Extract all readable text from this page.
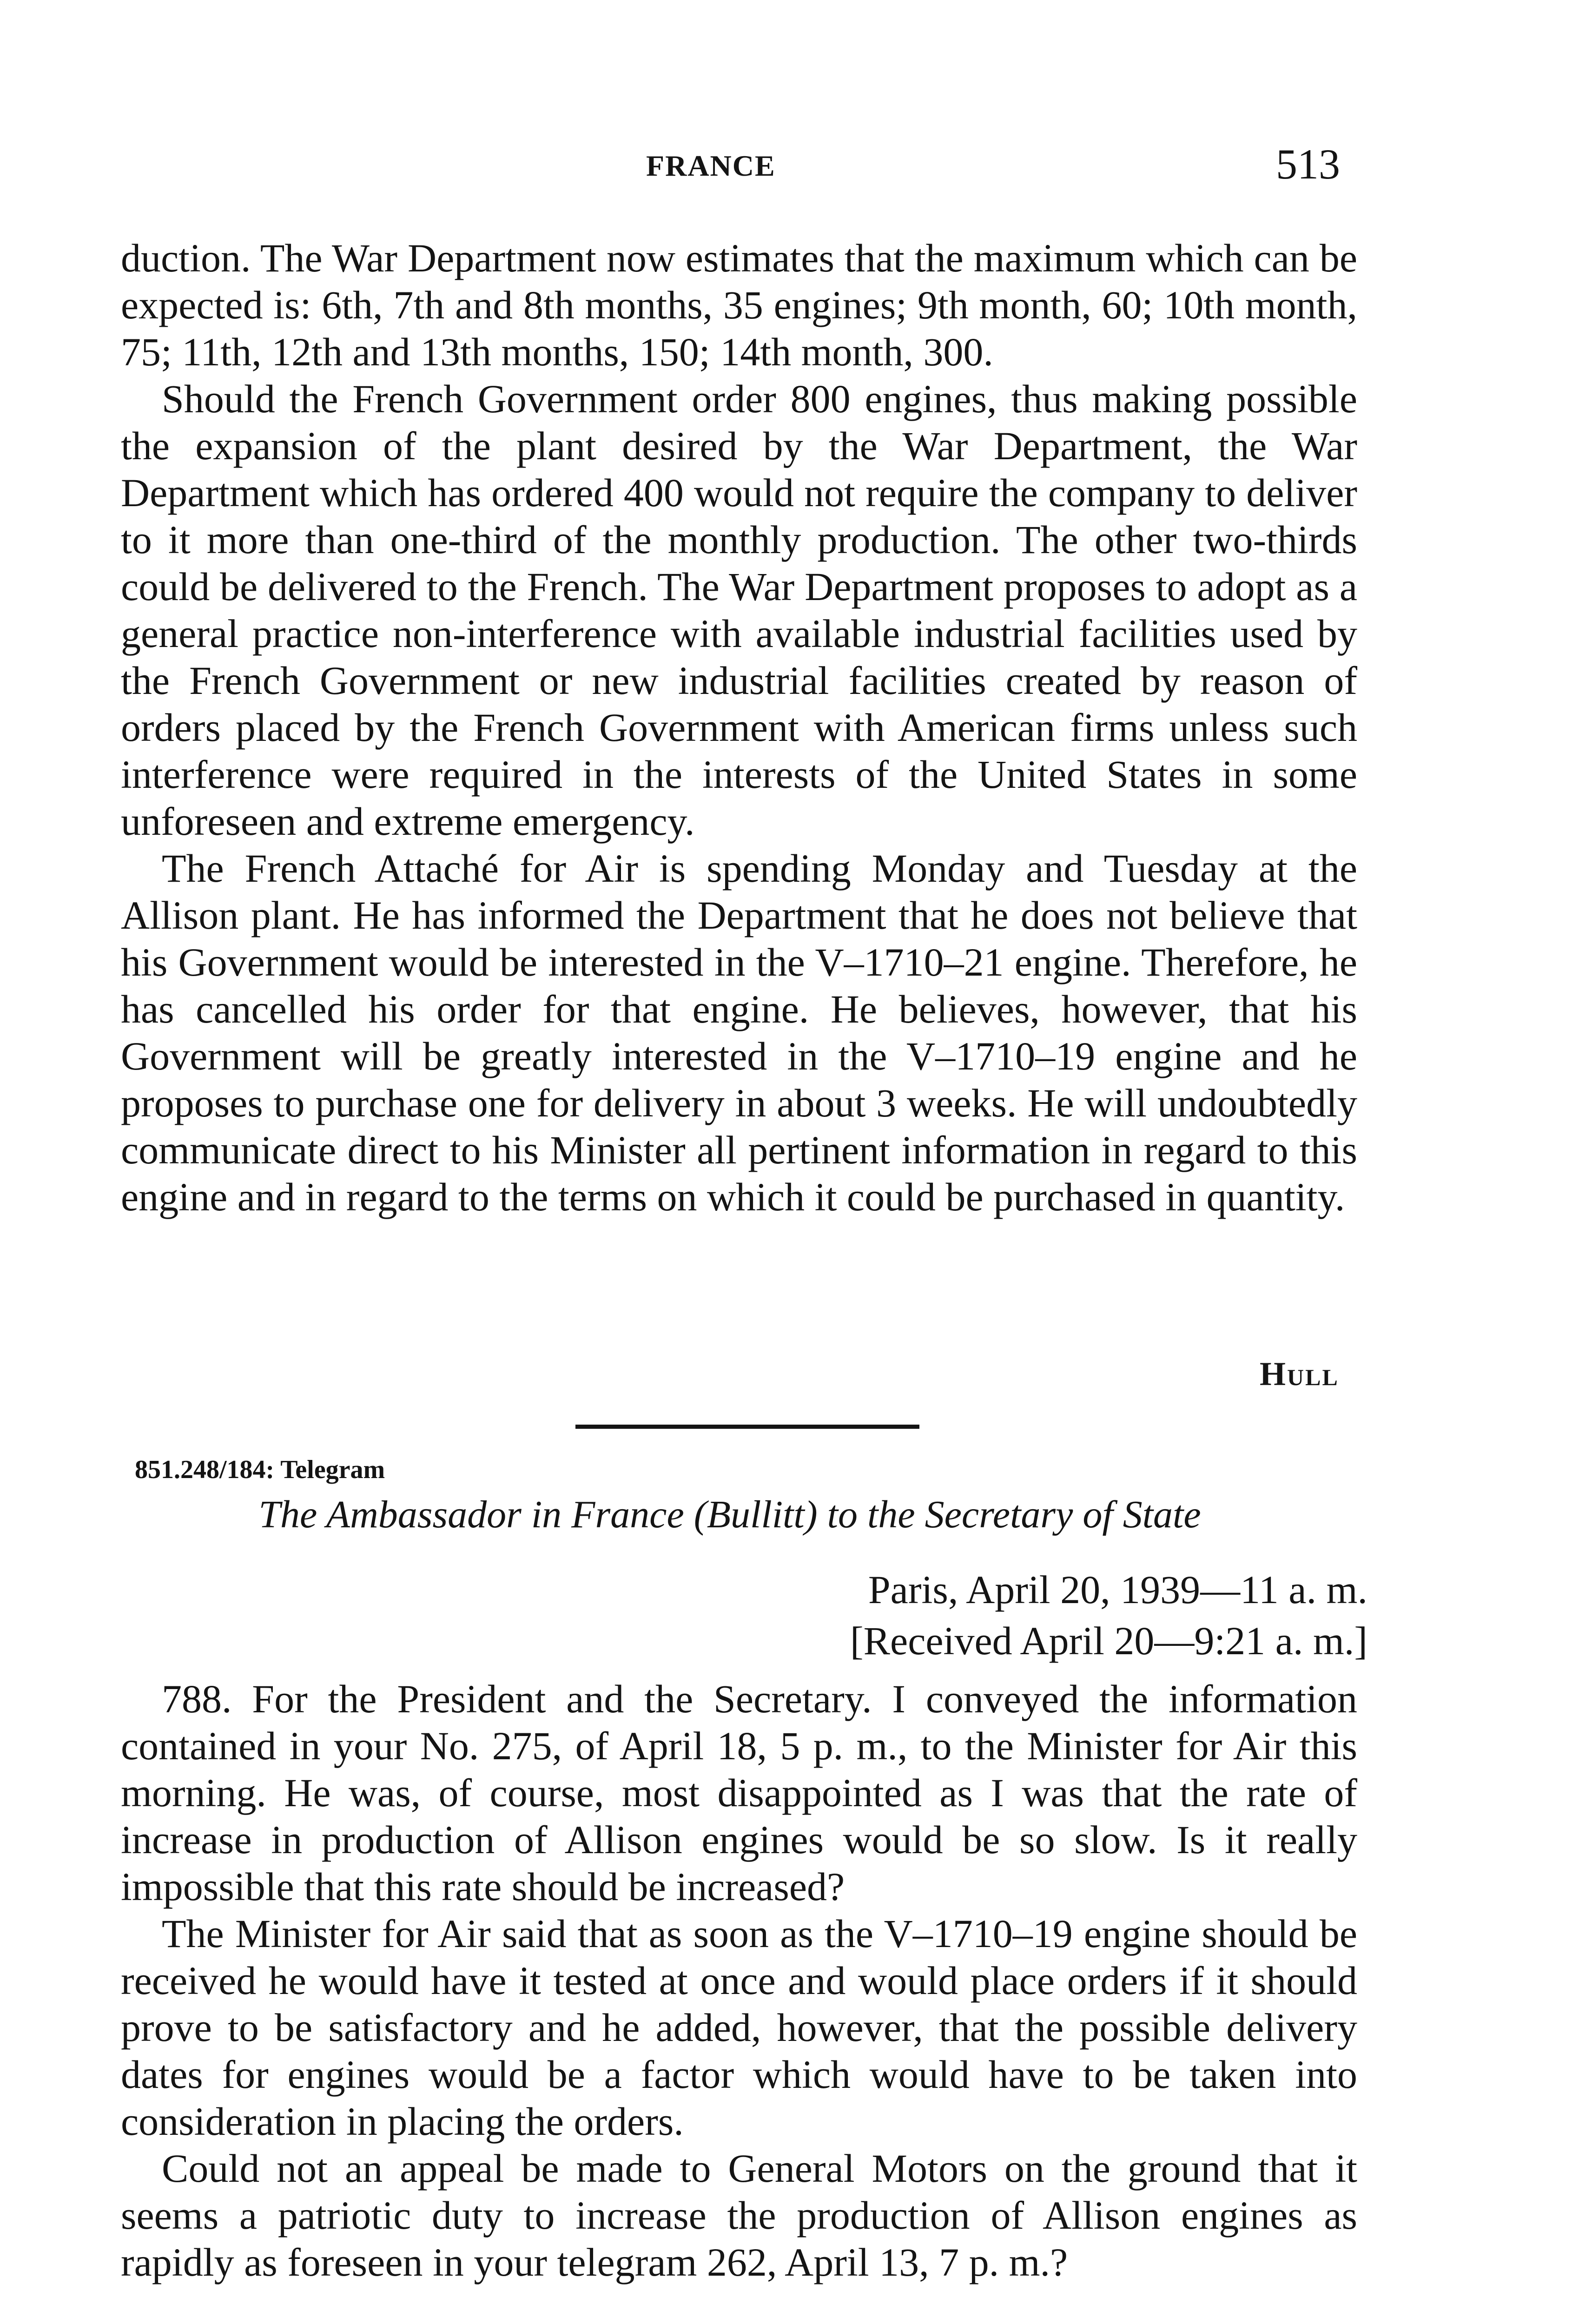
FRANCE	513

duction. The War Department now estimates that the maximum which can be expected is: 6th, 7th and 8th months, 35 engines; 9th month, 60; 10th month, 75; 11th, 12th and 13th months, 150; 14th month, 300.

Should the French Government order 800 engines, thus making possible the expansion of the plant desired by the War Department, the War Department which has ordered 400 would not require the company to deliver to it more than one-third of the monthly production. The other two-thirds could be delivered to the French. The War Department proposes to adopt as a general practice non-interference with available industrial facilities used by the French Government or new industrial facilities created by reason of orders placed by the French Government with American firms unless such interference were required in the interests of the United States in some unforeseen and extreme emergency.

The French Attaché for Air is spending Monday and Tuesday at the Allison plant. He has informed the Department that he does not believe that his Government would be interested in the V–1710–21 engine. Therefore, he has cancelled his order for that engine. He believes, however, that his Government will be greatly interested in the V–1710–19 engine and he proposes to purchase one for delivery in about 3 weeks. He will undoubtedly communicate direct to his Minister all pertinent information in regard to this engine and in regard to the terms on which it could be purchased in quantity.

Hull
851.248/184: Telegram
The Ambassador in France (Bullitt) to the Secretary of State
Paris, April 20, 1939—11 a. m.
[Received April 20—9:21 a. m.]

788. For the President and the Secretary. I conveyed the information contained in your No. 275, of April 18, 5 p. m., to the Minister for Air this morning. He was, of course, most disappointed as I was that the rate of increase in production of Allison engines would be so slow. Is it really impossible that this rate should be increased?

The Minister for Air said that as soon as the V–1710–19 engine should be received he would have it tested at once and would place orders if it should prove to be satisfactory and he added, however, that the possible delivery dates for engines would be a factor which would have to be taken into consideration in placing the orders.

Could not an appeal be made to General Motors on the ground that it seems a patriotic duty to increase the production of Allison engines as rapidly as foreseen in your telegram 262, April 13, 7 p. m.?
